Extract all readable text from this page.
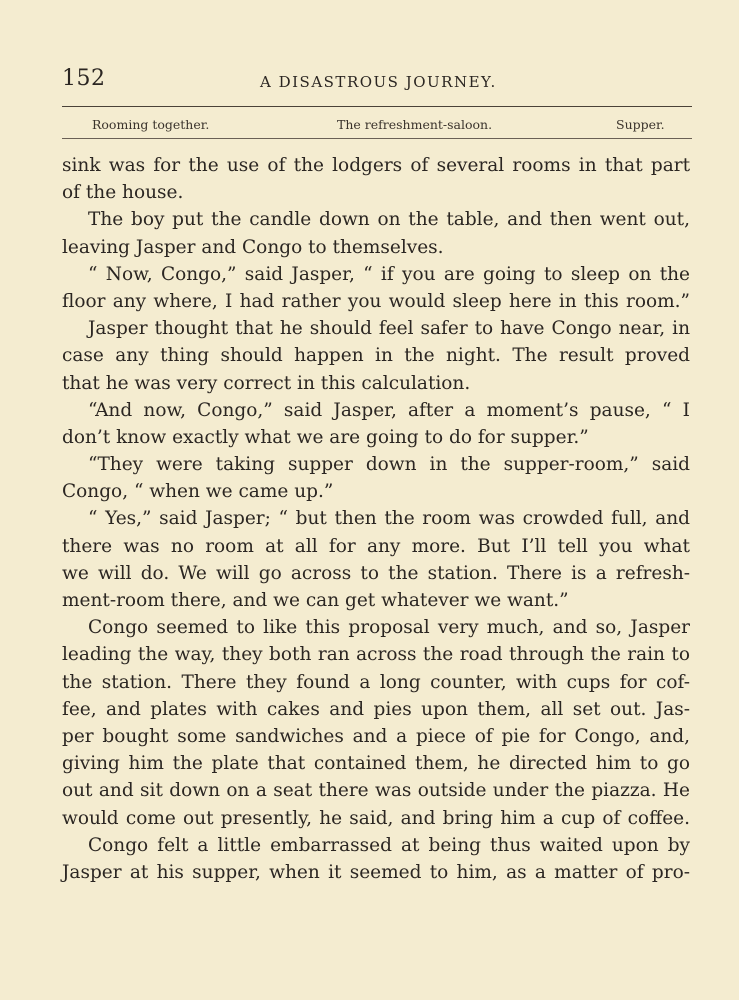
152	A DISASTROUS JOURNEY.
Rooming together.	The refreshment-saloon.	Supper.
sink was for the use of the lodgers of several rooms in that part
of the house.
The boy put the candle down on the table, and then went out,
leaving Jasper and Congo to themselves.
“ Now, Congo,” said Jasper, “ if you are going to sleep on the
floor any where, I had rather you would sleep here in this room.”
Jasper thought that he should feel safer to have Congo near, in
case any thing should happen in the night. The result proved
that he was very correct in this calculation.
“And now, Congo,” said Jasper, after a moment’s pause, “ I
don’t know exactly what we are going to do for supper.”
“They were taking supper down in the supper-room,” said
Congo, “ when we came up.”
“ Yes,” said Jasper; “ but then the room was crowded full, and
there was no room at all for any more. But I’ll tell you what
we will do. We will go across to the station. There is a refresh-
ment-room there, and we can get whatever we want.”
Congo seemed to like this proposal very much, and so, Jasper
leading the way, they both ran across the road through the rain to
the station. There they found a long counter, with cups for cof-
fee, and plates with cakes and pies upon them, all set out. Jas-
per bought some sandwiches and a piece of pie for Congo, and,
giving him the plate that contained them, he directed him to go
out and sit down on a seat there was outside under the piazza. He
would come out presently, he said, and bring him a cup of coffee.
Congo felt a little embarrassed at being thus waited upon by
Jasper at his supper, when it seemed to him, as a matter of pro-
